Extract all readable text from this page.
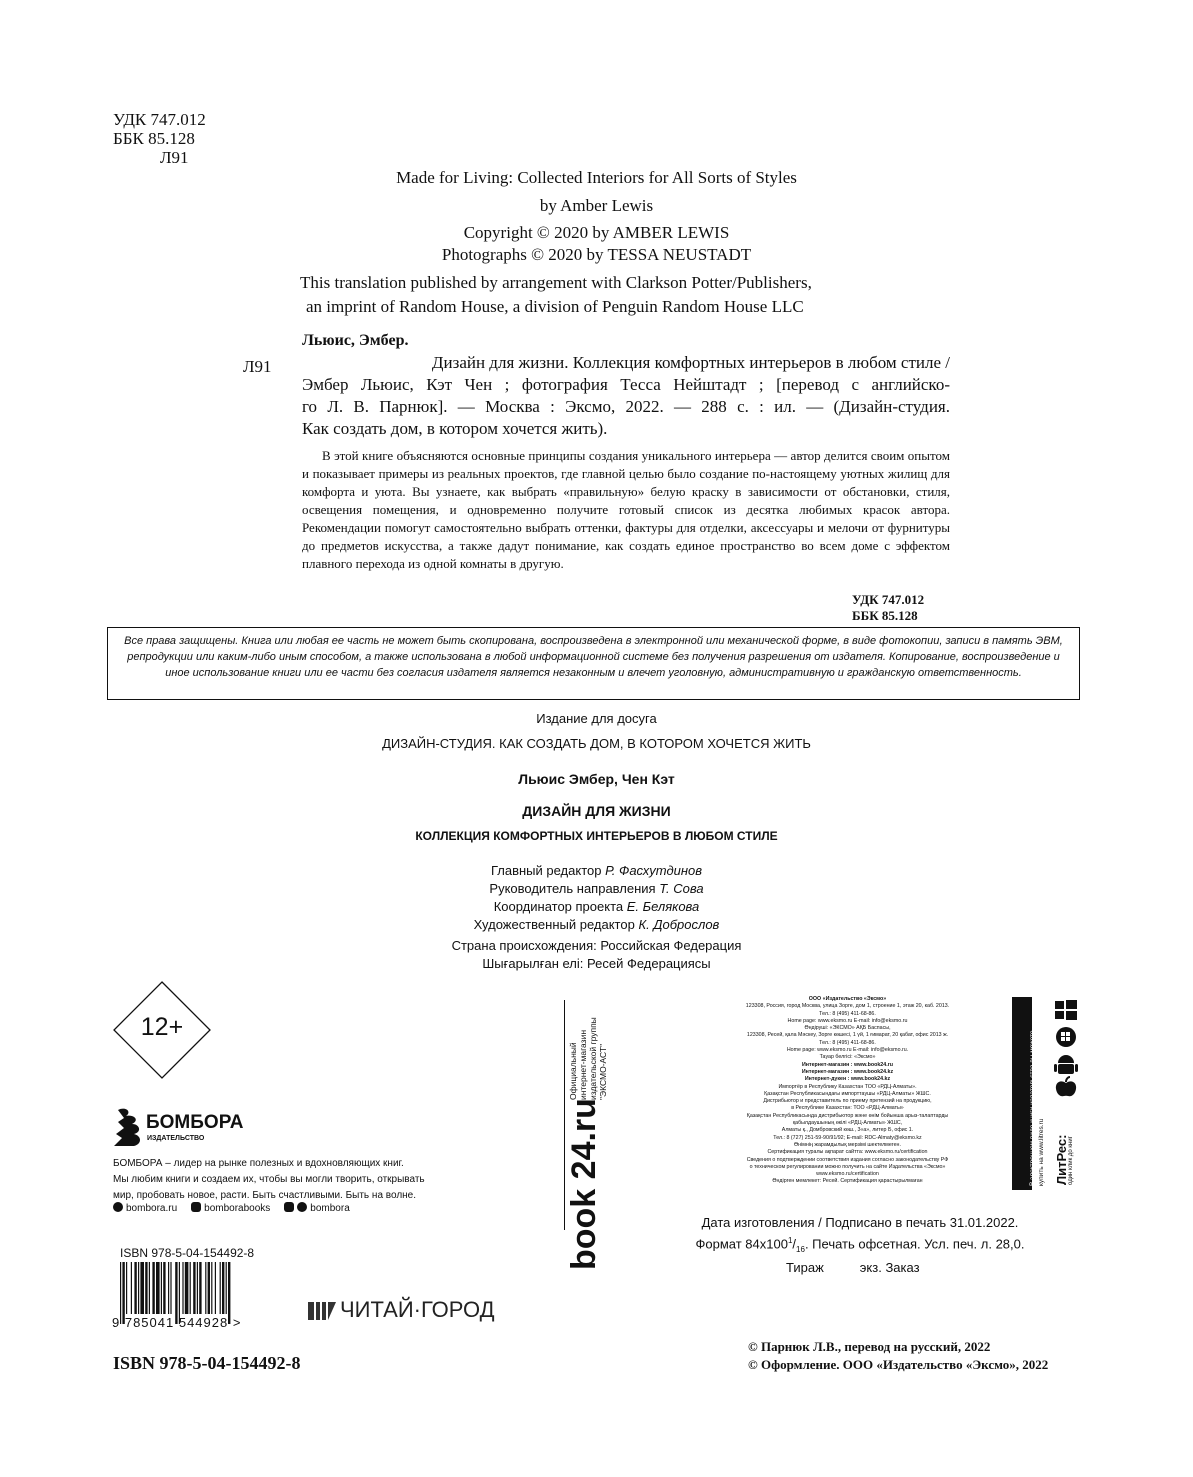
УДК 747.012
ББК 85.128
Л91
Made for Living: Collected Interiors for All Sorts of Styles
by Amber Lewis
Copyright © 2020 by AMBER LEWIS
Photographs © 2020 by TESSA NEUSTADT
This translation published by arrangement with Clarkson Potter/Publishers,
an imprint of Random House, a division of Penguin Random House LLC
Льюис, Эмбер.
Л91	Дизайн для жизни. Коллекция комфортных интерьеров в любом стиле /
Эмбер Льюис, Кэт Чен ; фотография Тесса Нейштадт ; [перевод с английско-
го Л. В. Парнюк]. — Москва : Эксмо, 2022. — 288 с. : ил. — (Дизайн-студия.
Как создать дом, в котором хочется жить).
В этой книге объясняются основные принципы создания уникального интерьера — автор делится своим опытом и показывает примеры из реальных проектов, где главной целью было создание по-настоящему уютных жилищ для комфорта и уюта. Вы узнаете, как выбрать «правильную» белую краску в зависимости от обстановки, стиля, освещения помещения, и одновременно получите готовый список из десятка любимых красок автора. Рекомендации помогут самостоятельно выбрать оттенки, фактуры для отделки, аксессуары и мелочи от фурнитуры до предметов искусства, а также дадут понимание, как создать единое пространство во всем доме с эффектом плавного перехода из одной комнаты в другую.
УДК 747.012
ББК 85.128
Все права защищены. Книга или любая ее часть не может быть скопирована, воспроизведена в электронной или механической форме, в виде фотокопии, записи в память ЭВМ, репродукции или каким-либо иным способом, а также использована в любой информационной системе без получения разрешения от издателя. Копирование, воспроизведение и иное использование книги или ее части без согласия издателя является незаконным и влечет уголовную, административную и гражданскую ответственность.
Издание для досуга
ДИЗАЙН-СТУДИЯ. КАК СОЗДАТЬ ДОМ, В КОТОРОМ ХОЧЕТСЯ ЖИТЬ
Льюис Эмбер, Чен Кэт
ДИЗАЙН ДЛЯ ЖИЗНИ
КОЛЛЕКЦИЯ КОМФОРТНЫХ ИНТЕРЬЕРОВ В ЛЮБОМ СТИЛЕ
Главный редактор Р. Фасхутдинов
Руководитель направления Т. Сова
Координатор проекта Е. Белякова
Художественный редактор К. Доброслов
Страна происхождения: Российская Федерация
Шығарылған елі: Ресей Федерациясы
12+
БОМБОРА
ИЗДАТЕЛЬСТВО
БОМБОРА – лидер на рынке полезных и вдохновляющих книг.
Мы любим книги и создаем их, чтобы вы могли творить, открывать
мир, пробовать новое, расти. Быть счастливыми. Быть на волне.
bombora.ru	bomborabooks	bombora
ISBN 978-5-04-154492-8
9 785041 544928 >
ЧИТАЙ·ГОРОД
ISBN 978-5-04-154492-8
book 24.ru
Официальный интернет-магазин издательской группы "ЭКСМО-АСТ"
ООО «Издательство «Эксмо»
123308, Россия, город Москва, улица Зорге, дом 1, строение 1, этаж 20, каб. 2013.
Тел.: 8 (495) 411-68-86.
Home page: www.eksmo.ru E-mail: info@eksmo.ru
Өндіруші: «ЭКСМО» АҚБ Баспасы,
123308, Ресей, қала Мәскеу, Зорге көшесі, 1 үй, 1 ғимарат, 20 қабат, офис 2013 ж.
Тел.: 8 (495) 411-68-86.
Home page: www.eksmo.ru E-mail: info@eksmo.ru.
Тауар белгісі: «Эксмо»
Интернет-магазин : www.book24.ru
Интернет-магазин : www.book24.kz
Интернет-дүкен : www.book24.kz
Импортёр в Республику Казахстан ТОО «РДЦ-Алматы».
Қазақстан Республикасындағы импорттаушы «РДЦ-Алматы» ЖШС.
Дистрибьютор и представитель по приему претензий на продукцию,
в Республике Казахстан: ТОО «РДЦ-Алматы»
Қазақстан Республикасында дистрибьютор және өнім бойынша арыз-талаптарды
қабылдаушының өкілі «РДЦ-Алматы» ЖШС,
Алматы қ., Домбровский көш., 3«а», литер Б, офис 1.
Тел.: 8 (727) 251-59-90/91/92; E-mail: RDC-Almaty@eksmo.kz
Өнімнің жарамдылық мерзімі шектелмеген.
Сертификация туралы ақпарат сайтта: www.eksmo.ru/certification
Сведения о подтверждении соответствия издания согласно законодательству РФ
о техническом регулировании можно получить на сайте Издательства «Эксмо»
www.eksmo.ru/certification
Өндірген мемлекет: Ресей. Сертификация қарастырылмаған	В электронном виде книги издательства вы можете купить на www.litres.ru ЛитРес: один клик до книг
Дата изготовления / Подписано в печать 31.01.2022.
Формат $84x100^1/_{16}$. Печать офсетная. Усл. печ. л. 28,0.
Тираж	экз. Заказ
© Парнюк Л.В., перевод на русский, 2022
© Оформление. ООО «Издательство «Эксмо», 2022
